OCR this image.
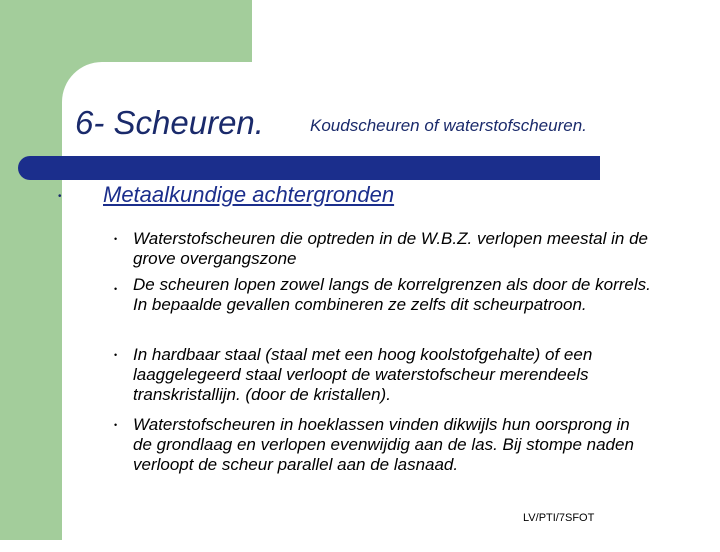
6- Scheuren.	Koudscheuren of waterstofscheuren.
• Metaalkundige achtergronden
• Waterstofscheuren die optreden in de W.B.Z. verlopen meestal in de grove overgangszone

• De scheuren lopen zowel langs de korrelgrenzen als door de korrels. In bepaalde gevallen combineren ze zelfs dit scheurpatroon.

• In hardbaar staal (staal met een hoog koolstofgehalte) of een laaggelegeerd staal verloopt de waterstofscheur merendeels transkristallijn. (door de kristallen).

• Waterstofscheuren in hoeklassen vinden dikwijls hun oorsprong in de grondlaag en verlopen evenwijdig aan de las. Bij stompe naden verloopt de scheur parallel aan de lasnaad.

LV/PTI/7SFOT
